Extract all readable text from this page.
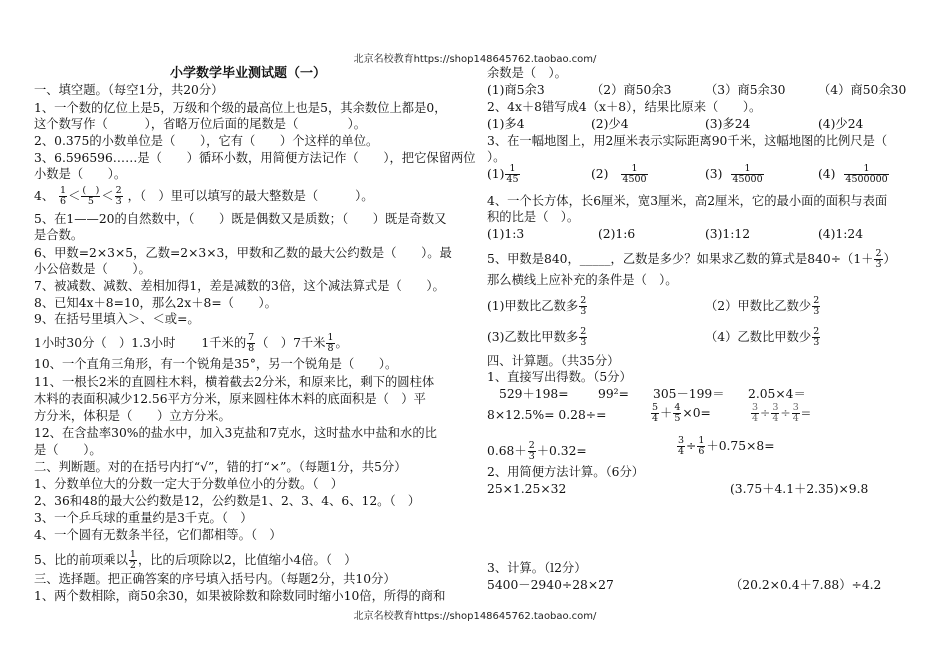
北京名校教育https://shop148645762.taobao.com/
小学数学毕业测试题（一）
一、填空题。（每空1分，共20分）
1、一个数的亿位上是5，万级和个级的最高位上也是5，其余数位上都是0，
这个数写作（　　　），省略万位后面的尾数是（　　　　）。
2、0.375的小数单位是（　　），它有（　　）个这样的单位。
3、6.596596……是（　　）循环小数，用简便方法记作（　　），把它保留两位
小数是（　　）。
4、 $\frac{1}{6} < \frac{( )}{5} < \frac{2}{3}$ ，（　）里可以填写的最大整数是（　　　）。
5、在1——20的自然数中，（　　）既是偶数又是质数；（　　）既是奇数又
是合数。
6、甲数=2×3×5，乙数=2×3×3，甲数和乙数的最大公约数是（　　）。最
小公倍数是（　　）。
7、被减数、减数、差相加得1，差是减数的3倍，这个减法算式是（　　）。
8、已知4x＋8=10，那么2x＋8=（　　）。
9、在括号里填入＞、＜或=。
1小时30分（　）1.3小时 1千米的 $\frac{7}{8}$ （　）7千米 $\frac{1}{8}$ 。
10、一个直角三角形，有一个锐角是35°，另一个锐角是（　　）。
11、一根长2米的直圆柱木料，横着截去2分米，和原来比，剩下的圆柱体
木料的表面积减少12.56平方分米，原来圆柱体木料的底面积是（　）平
方分米，体积是（　　）立方分米。
12、在含盐率30%的盐水中，加入3克盐和7克水，这时盐水中盐和水的比
是（　　）。
二、判断题。对的在括号内打“√”，错的打“×”。（每题1分，共5分）
1、分数单位大的分数一定大于分数单位小的分数。（　）
2、36和48的最大公约数是12，公约数是1、2、3、4、6、12。（　）
3、一个乒乓球的重量约是3千克。（　）
4、一个圆有无数条半径，它们都相等。（　）
5、比的前项乘以 $\frac{1}{2}$ ，比的后项除以2，比值缩小4倍。（　）
三、选择题。把正确答案的序号填入括号内。（每题2分，共10分）
1、两个数相除，商50余30，如果被除数和除数同时缩小10倍，所得的商和
余数是（　）。
(1)商5余3	（2）商50余3	（3）商5余30	（4）商50余30
2、4x＋8错写成4（x＋8），结果比原来（　　）。
(1)多4	(2)少4	(3)多24	(4)少24
3、在一幅地图上，用2厘米表示实际距离90千米，这幅地图的比例尺是（
）。
$(1) \frac{1}{45}$	$(2) \frac{1}{4500}$	$(3) \frac{1}{45000}$	$(4) \frac{1}{4500000}$
4、一个长方体，长6厘米，宽3厘米，高2厘米，它的最小面的面积与表面
积的比是（　）。
(1)1:3	(2)1:6	(3)1:12	(4)1:24
5、甲数是840，_____，乙数是多少？如果求乙数的算式是$840\div(1+ \frac{2}{3}$ ）
那么横线上应补充的条件是（　）。
(1)甲数比乙数多 $\frac{2}{3}$	（2）甲数比乙数少 $\frac{2}{3}$
(3)乙数比甲数多 $\frac{2}{3}$	（4）乙数比甲数少 $\frac{2}{3}$
四、计算题。（共35分）
1、直接写出得数。（5分）
529＋198= 99²= 305－199＝ 2.05×4＝
8×12.5%= 0.28÷=	$\frac{5}{4} + \frac{4}{5} \times 0=$	$\frac{3}{4} \div \frac{3}{4} \div \frac{3}{4}$ =
$0.68+ \frac{2}{3} +0.32=$	$\frac{3}{4} \div \frac{1}{6} +0.75\times 8=$
2、用简便方法计算。（6分）
25×1.25×32	(3.75＋4.1＋2.35)×9.8
3、计算。（l2分）
5400－2940÷28×27	（20.2×0.4＋7.88）÷4.2
北京名校教育https://shop148645762.taobao.com/
